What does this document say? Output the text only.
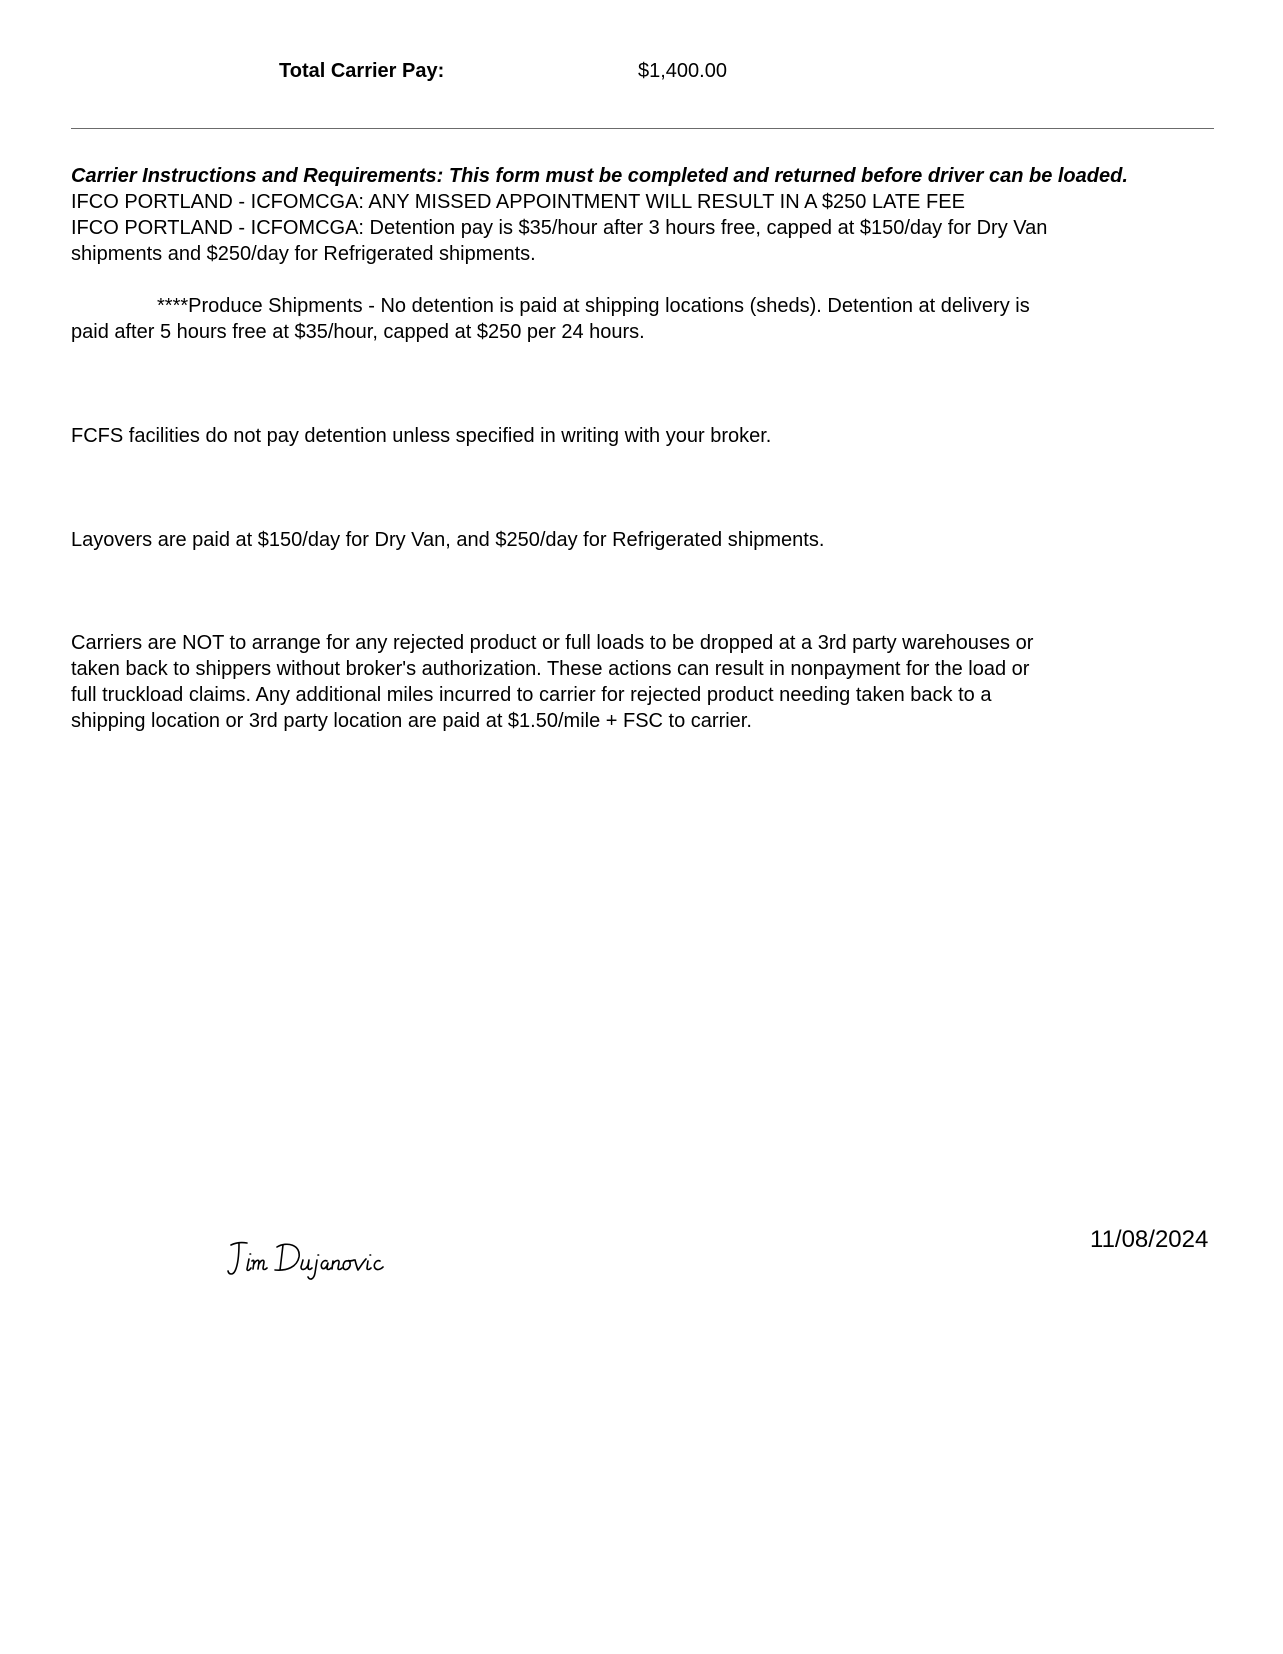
Total Carrier Pay:	$1,400.00
Carrier Instructions and Requirements: This form must be completed and returned before driver can be loaded.
IFCO PORTLAND - ICFOMCGA: ANY MISSED APPOINTMENT WILL RESULT IN A $250 LATE FEE
IFCO PORTLAND - ICFOMCGA: Detention pay is $35/hour after 3 hours free, capped at $150/day for Dry Van
shipments and $250/day for Refrigerated shipments.
****Produce Shipments - No detention is paid at shipping locations (sheds). Detention at delivery is
paid after 5 hours free at $35/hour, capped at $250 per 24 hours.
FCFS facilities do not pay detention unless specified in writing with your broker.
Layovers are paid at $150/day for Dry Van, and $250/day for Refrigerated shipments.
Carriers are NOT to arrange for any rejected product or full loads to be dropped at a 3rd party warehouses or
taken back to shippers without broker's authorization. These actions can result in nonpayment for the load or
full truckload claims. Any additional miles incurred to carrier for rejected product needing taken back to a
shipping location or 3rd party location are paid at $1.50/mile + FSC to carrier.
11/08/2024
